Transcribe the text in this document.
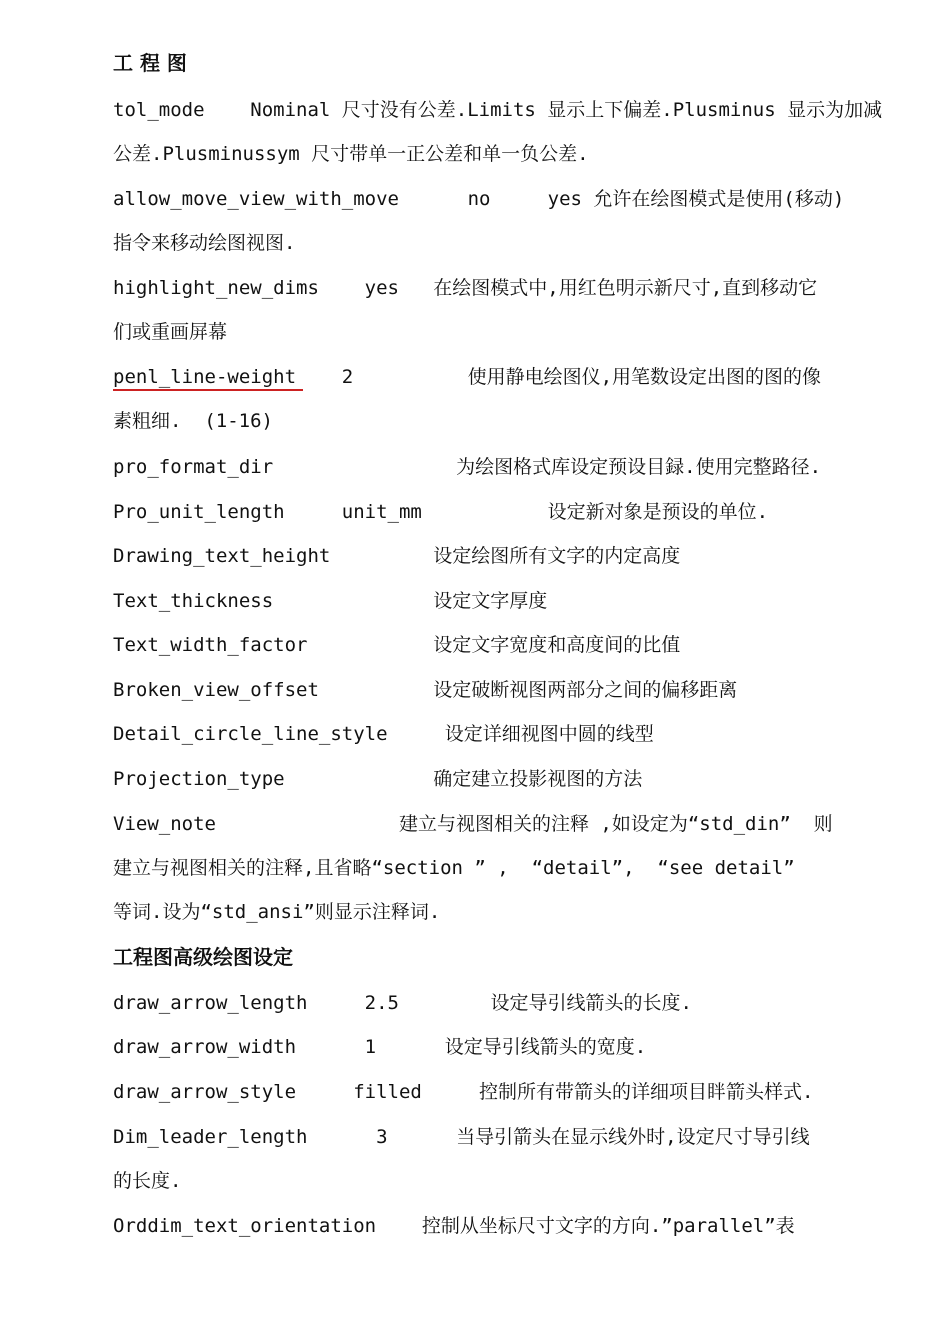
工 程 图
tol_mode    Nominal 尺寸没有公差.Limits 显示上下偏差.Plusminus 显示为加减
公差.Plusminussym 尺寸带单一正公差和单一负公差.
allow_move_view_with_move      no     yes 允许在绘图模式是使用(移动)
指令来移动绘图视图.
highlight_new_dims    yes   在绘图模式中,用红色明示新尺寸,直到移动它
们或重画屏幕
penl_line-weight    2          使用静电绘图仪,用笔数设定出图的图的像
素粗细.  (1-16)
pro_format_dir                为绘图格式库设定预设目録.使用完整路径.
Pro_unit_length     unit_mm           设定新对象是预设的单位.
Drawing_text_height         设定绘图所有文字的内定高度
Text_thickness              设定文字厚度
Text_width_factor           设定文字宽度和高度间的比值
Broken_view_offset          设定破断视图两部分之间的偏移距离
Detail_circle_line_style     设定详细视图中圆的线型
Projection_type             确定建立投影视图的方法
View_note                建立与视图相关的注释 ,如设定为“std_din”  则
建立与视图相关的注释,且省略“section ” ,  “detail”,  “see detail”
等词.设为“std_ansi”则显示注释词.
工程图高级绘图设定
draw_arrow_length     2.5        设定导引线箭头的长度.
draw_arrow_width      1      设定导引线箭头的宽度.
draw_arrow_style     filled     控制所有带箭头的详细项目眫箭头样式.
Dim_leader_length      3      当导引箭头在显示线外时,设定尺寸导引线
的长度.
Orddim_text_orientation    控制从坐标尺寸文字的方向.”parallel”表
